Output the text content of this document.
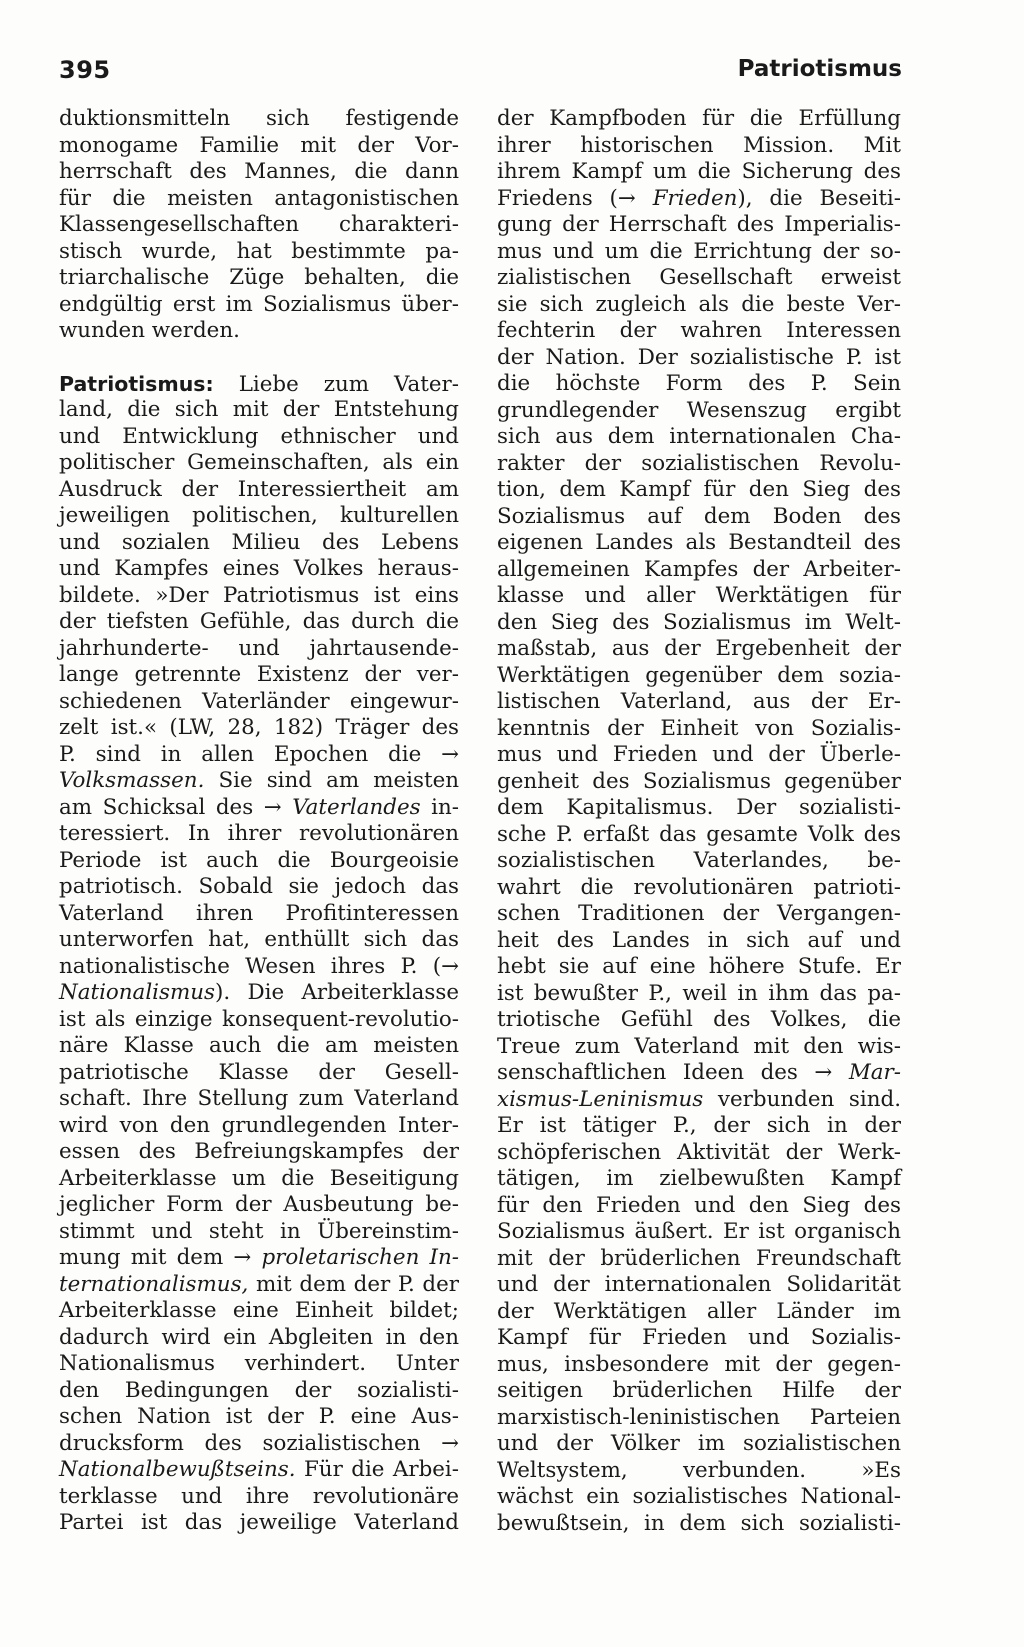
395	Patriotismus
duktionsmitteln sich festigende
monogame Familie mit der Vor-
herrschaft des Mannes, die dann
für die meisten antagonistischen
Klassengesellschaften charakteri-
stisch wurde, hat bestimmte pa-
triarchalische Züge behalten, die
endgültig erst im Sozialismus über-
wunden werden.
Patriotismus: Liebe zum Vater-
land, die sich mit der Entstehung
und Entwicklung ethnischer und
politischer Gemeinschaften, als ein
Ausdruck der Interessiertheit am
jeweiligen politischen, kulturellen
und sozialen Milieu des Lebens
und Kampfes eines Volkes heraus-
bildete. »Der Patriotismus ist eins
der tiefsten Gefühle, das durch die
jahrhunderte- und jahrtausende-
lange getrennte Existenz der ver-
schiedenen Vaterländer eingewur-
zelt ist.« (LW, 28, 182) Träger des
P. sind in allen Epochen die →
Volksmassen. Sie sind am meisten
am Schicksal des → Vaterlandes in-
teressiert. In ihrer revolutionären
Periode ist auch die Bourgeoisie
patriotisch. Sobald sie jedoch das
Vaterland ihren Profitinteressen
unterworfen hat, enthüllt sich das
nationalistische Wesen ihres P. (→
Nationalismus). Die Arbeiterklasse
ist als einzige konsequent-revolutio-
näre Klasse auch die am meisten
patriotische Klasse der Gesell-
schaft. Ihre Stellung zum Vaterland
wird von den grundlegenden Inter-
essen des Befreiungskampfes der
Arbeiterklasse um die Beseitigung
jeglicher Form der Ausbeutung be-
stimmt und steht in Übereinstim-
mung mit dem → proletarischen In-
ternationalismus, mit dem der P. der
Arbeiterklasse eine Einheit bildet;
dadurch wird ein Abgleiten in den
Nationalismus verhindert. Unter
den Bedingungen der sozialisti-
schen Nation ist der P. eine Aus-
drucksform des sozialistischen →
Nationalbewußtseins. Für die Arbei-
terklasse und ihre revolutionäre
Partei ist das jeweilige Vaterland
der Kampfboden für die Erfüllung
ihrer historischen Mission. Mit
ihrem Kampf um die Sicherung des
Friedens (→ Frieden), die Beseiti-
gung der Herrschaft des Imperialis-
mus und um die Errichtung der so-
zialistischen Gesellschaft erweist
sie sich zugleich als die beste Ver-
fechterin der wahren Interessen
der Nation. Der sozialistische P. ist
die höchste Form des P. Sein
grundlegender Wesenszug ergibt
sich aus dem internationalen Cha-
rakter der sozialistischen Revolu-
tion, dem Kampf für den Sieg des
Sozialismus auf dem Boden des
eigenen Landes als Bestandteil des
allgemeinen Kampfes der Arbeiter-
klasse und aller Werktätigen für
den Sieg des Sozialismus im Welt-
maßstab, aus der Ergebenheit der
Werktätigen gegenüber dem sozia-
listischen Vaterland, aus der Er-
kenntnis der Einheit von Sozialis-
mus und Frieden und der Überle-
genheit des Sozialismus gegenüber
dem Kapitalismus. Der sozialisti-
sche P. erfaßt das gesamte Volk des
sozialistischen Vaterlandes, be-
wahrt die revolutionären patrioti-
schen Traditionen der Vergangen-
heit des Landes in sich auf und
hebt sie auf eine höhere Stufe. Er
ist bewußter P., weil in ihm das pa-
triotische Gefühl des Volkes, die
Treue zum Vaterland mit den wis-
senschaftlichen Ideen des → Mar-
xismus-Leninismus verbunden sind.
Er ist tätiger P., der sich in der
schöpferischen Aktivität der Werk-
tätigen, im zielbewußten Kampf
für den Frieden und den Sieg des
Sozialismus äußert. Er ist organisch
mit der brüderlichen Freundschaft
und der internationalen Solidarität
der Werktätigen aller Länder im
Kampf für Frieden und Sozialis-
mus, insbesondere mit der gegen-
seitigen brüderlichen Hilfe der
marxistisch-leninistischen Parteien
und der Völker im sozialistischen
Weltsystem, verbunden. »Es
wächst ein sozialistisches National-
bewußtsein, in dem sich sozialisti-
